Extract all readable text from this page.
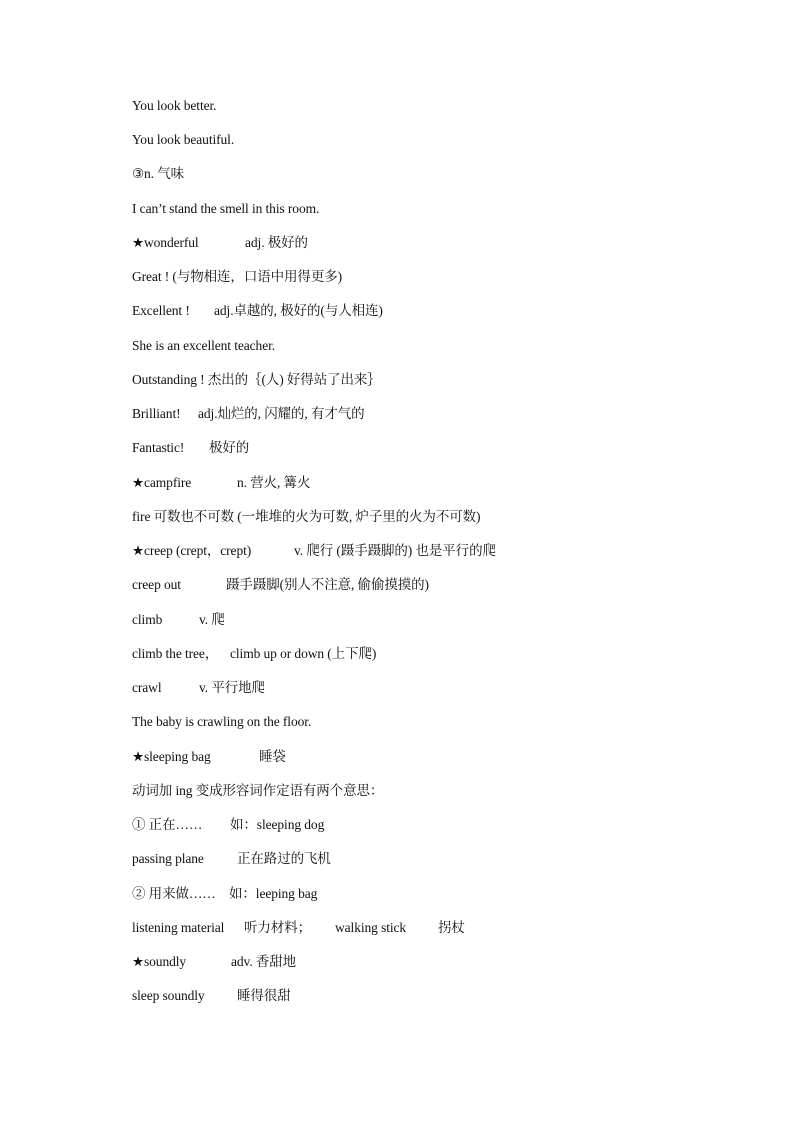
You look better.
You look beautiful.
③n. 气味
I can’t stand the smell in this room.
★wonderful	adj. 极好的
Great ! (与物相连，口语中用得更多)
Excellent ! adj.卓越的, 极好的(与人相连)
She is an excellent teacher.
Outstanding ! 杰出的｛(人) 好得站了出来｝
Brilliant! adj.灿烂的, 闪耀的, 有才气的
Fantastic! 极好的
★campfire	n. 营火, 篝火
fire 可数也不可数 (一堆堆的火为可数, 炉子里的火为不可数)
★creep (crept，crept)	v. 爬行 (蹑手蹑脚的) 也是平行的爬
creep out	蹑手蹑脚(别人不注意, 偷偷摸摸的)
climb	v. 爬
climb the tree， climb up or down (上下爬)
crawl	v. 平行地爬
The baby is crawling on the floor.
★sleeping bag	睡袋
动词加 ing 变成形容词作定语有两个意思：
① 正在…… 如：sleeping dog
passing plane 正在路过的飞机
② 用来做…… 如：leeping bag
listening material 听力材料； walking stick 拐杖
★soundly	adv. 香甜地
sleep soundly 睡得很甜
